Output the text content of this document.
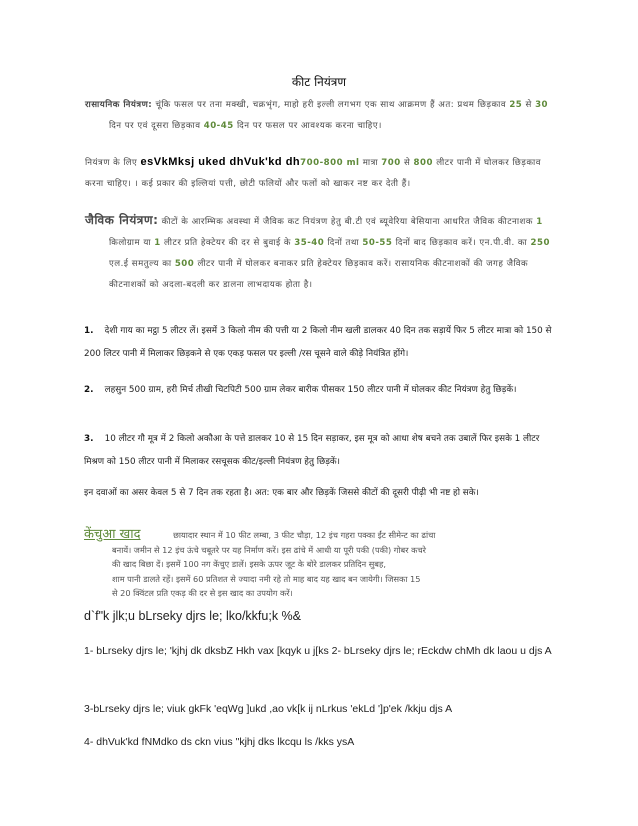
कीट नियंत्रण
रासायनिक नियंत्रण: चूंकि फसल पर तना मक्खी, चक्रभृंग, माहो हरी इल्ली लगभग एक साथ आक्रमण हैं अत: प्रथम छिड़काव 25 से 30 दिन पर एवं दूसरा छिड़काव 40-45 दिन पर फसल पर आवश्यक करना चाहिए।
नियंत्रण के लिए esVkMksj uked dhVuk'kd dh700-800 ml मात्रा 700 से 800 लीटर पानी में घोलकर छिड़काव करना चाहिए। । कई प्रकार की इल्लियां पत्ती, छोटी फलियों और फलों को खाकर नष्ट कर देती हैं।
जैविक नियंत्रण: कीटों के आरम्भिक अवस्था में जैविक कट नियंत्रण हेतु बी.टी एवं ब्यूवेरिया बेसियाना आधरित जैविक कीटनाशक 1 किलोग्राम या 1 लीटर प्रति हेक्टेयर की दर से बुवाई के 35-40 दिनों तथा 50-55 दिनों बाद छिड़काव करें। एन.पी.वी. का 250 एल.ई समतुल्य का 500 लीटर पानी में घोलकर बनाकर प्रति हेक्टेयर छिड़काव करें। रासायनिक कीटनाशकों की जगह जैविक कीटनाशकों को अदला-बदली कर डालना लाभदायक होता है।
1. देशी गाय का मट्ठा 5 लीटर लें। इसमें 3 किलो नीम की पत्ती या 2 किलो नीम खली डालकर 40 दिन तक सड़ायें फिर 5 लीटर मात्रा को 150 से 200 लिटर पानी में मिलाकर छिड़कने से एक एकड़ फसल पर इल्ली /रस चूसने वाले कीड़े नियंत्रित होंगे।
2. लहसुन 500 ग्राम, हरी मिर्च तीखी चिटपिटी 500 ग्राम लेकर बारीक पीसकर 150 लीटर पानी में घोलकर कीट नियंत्रण हेतु छिड़कें।
3. 10 लीटर गौ मूत्र में 2 किलो अकौआ के पत्ते डालकर 10 से 15 दिन सड़ाकर, इस मूत्र को आधा शेष बचने तक उबालें फिर इसके 1 लीटर मिश्रण को 150 लीटर पानी में मिलाकर रसचूसक कीट/इल्ली नियंत्रण हेतु छिड़कें।
इन दवाओं का असर केवल 5 से 7 दिन तक रहता है। अत: एक बार और छिड़कें जिससे कीटों की दूसरी पीढ़ी भी नष्ट हो सके।
केंचुआ खाद	छायादार स्थान में 10 फीट लम्बा, 3 फीट चौड़ा, 12 इंच गहरा पक्का ईंट सीमेन्ट का ढांचा
बनायें। जमीन से 12 इंच ऊंचे चबूतरे पर यह निर्माण करें। इस ढांचे में आधी या पूरी पकी (पकी) गोबर कचरे
की खाद बिछा दें। इसमें 100 नग केंचुए डालें। इसके ऊपर जूट के बोरे डालकर प्रतिदिन सुबह,
शाम पानी डालते रहें। इसमें 60 प्रतिशत से ज्यादा नमी रहे तो माह बाद यह खाद बन जायेगी। जिसका 15
से 20 क्विंटल प्रति एकड़ की दर से इस खाद का उपयोग करें।
d`f"k jlk;u bLrseky djrs le; lko/kkfu;k %&
1- bLrseky djrs le; 'kjhj dk dksbZ Hkh vax [kqyk u j[ks 2- bLrseky djrs le; rEckdw chMh dk laou u djs A
3-bLrseky djrs le; viuk gkFk 'eqWg ]ukd ,ao vk[k ij nLrkus 'ekLd ']p'ek /kkju djs A
4- dhVuk'kd fNMdko ds ckn vius "kjhj dks lkcqu ls /kks ysA
